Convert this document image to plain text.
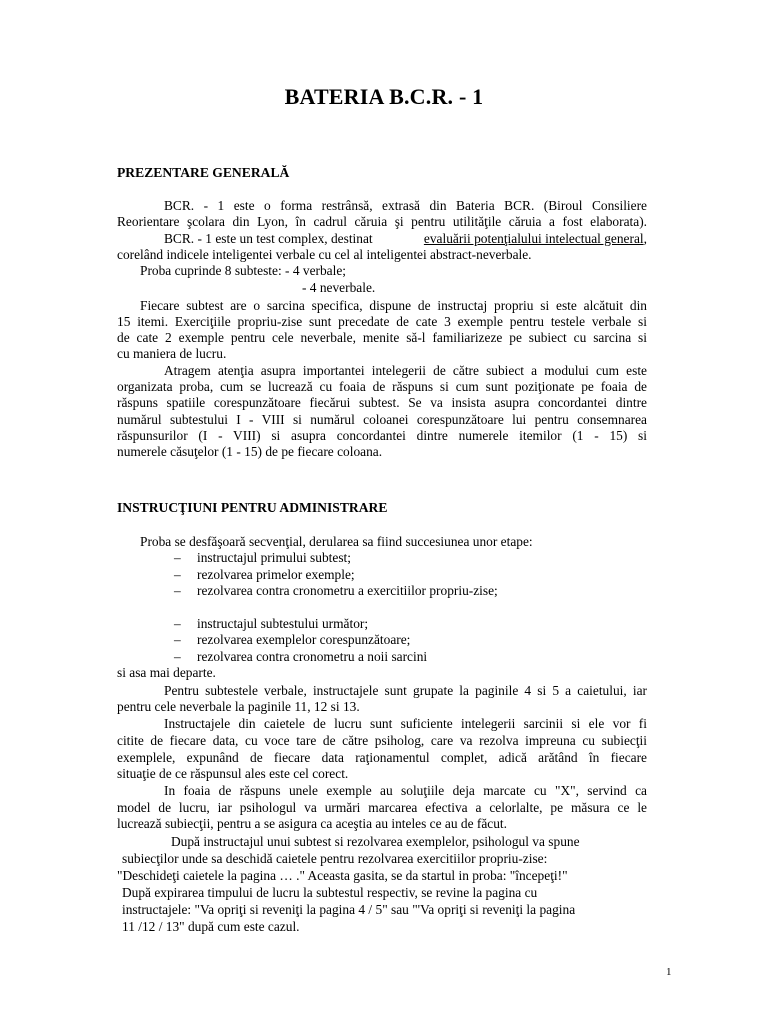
BATERIA B.C.R. - 1
PREZENTARE GENERALĂ
BCR. - 1 este o forma restrânsă, extrasă din Bateria BCR. (Biroul Consiliere
Reorientare şcolara din Lyon, în cadrul căruia şi pentru utilităţile căruia a fost elaborata).
BCR. - 1 este un test complex, destinat	evaluării potenţialului intelectual general,
corelând indicele inteligentei verbale cu cel al inteligentei abstract-neverbale.
Proba cuprinde 8 subteste: - 4 verbale;
- 4 neverbale.
Fiecare subtest are o sarcina specifica, dispune de instructaj propriu si este alcătuit din
15 itemi. Exerciţiile propriu-zise sunt precedate de cate 3 exemple pentru testele verbale si
de cate 2 exemple pentru cele neverbale, menite să-l familiarizeze pe subiect cu sarcina si
cu maniera de lucru.
Atragem atenţia asupra importantei intelegerii de către subiect a modului cum este
organizata proba, cum se lucrează cu foaia de răspuns si cum sunt poziţionate pe foaia de
răspuns spatiile corespunzătoare fiecărui subtest. Se va insista asupra concordantei dintre
numărul subtestului I - VIII si numărul coloanei corespunzătoare lui pentru consemnarea
răspunsurilor (I - VIII) si asupra concordantei dintre numerele itemilor (1 - 15) si
numerele căsuţelor (1 - 15) de pe fiecare coloana.
INSTRUCŢIUNI PENTRU ADMINISTRARE
Proba se desfăşoară secvenţial, derularea sa fiind succesiunea unor etape:
– instructajul primului subtest;
– rezolvarea primelor exemple;
– rezolvarea contra cronometru a exercitiilor propriu-zise;
– instructajul subtestului următor;
– rezolvarea exemplelor corespunzătoare;
– rezolvarea contra cronometru a noii sarcini
si asa mai departe.
Pentru subtestele verbale, instructajele sunt grupate la paginile 4 si 5 a caietului, iar
pentru cele neverbale la paginile 11, 12 si 13.
Instructajele din caietele de lucru sunt suficiente intelegerii sarcinii si ele vor fi
citite de fiecare data, cu voce tare de către psiholog, care va rezolva impreuna cu subiecţii
exemplele, expunând de fiecare data raţionamentul complet, adică arătând în fiecare
situaţie de ce răspunsul ales este cel corect.
In foaia de răspuns unele exemple au soluţiile deja marcate cu "X", servind ca
model de lucru, iar psihologul va urmări marcarea efectiva a celorlalte, pe măsura ce le
lucrează subiecţii, pentru a se asigura ca aceştia au inteles ce au de făcut.
După instructajul unui subtest si rezolvarea exemplelor, psihologul va spune
subiecţilor unde sa deschidă caietele pentru rezolvarea exercitiilor propriu-zise:
"Deschideţi caietele la pagina … ." Aceasta gasita, se da startul in proba: "începeţi!"
După expirarea timpului de lucru la subtestul respectiv, se revine la pagina cu
instructajele: "Va opriţi si reveniţi la pagina 4 / 5" sau "'Va opriţi si reveniţi la pagina
11 /12 / 13" după cum este cazul.
1
